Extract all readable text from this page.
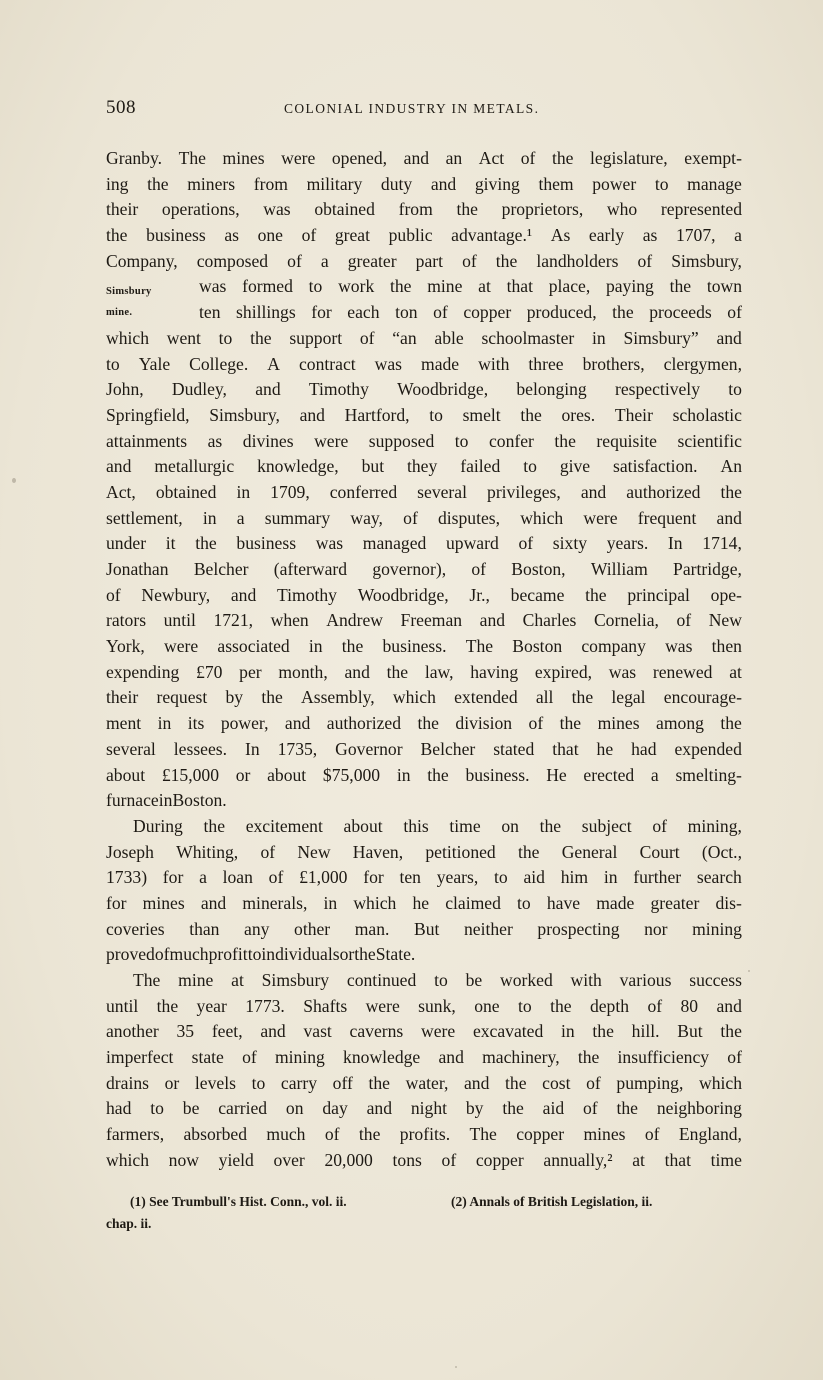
508	COLONIAL INDUSTRY IN METALS.
Simsbury
mine.
Granby. The mines were opened, and an Act of the legislature, exempt-
ing the miners from military duty and giving them power to manage
their operations, was obtained from the proprietors, who represented
the business as one of great public advantage.¹ As early as 1707, a
Company, composed of a greater part of the landholders of Simsbury,
was formed to work the mine at that place, paying the town
ten shillings for each ton of copper produced, the proceeds of
which went to the support of “an able schoolmaster in Simsbury” and
to Yale College. A contract was made with three brothers, clergymen,
John, Dudley, and Timothy Woodbridge, belonging respectively to
Springfield, Simsbury, and Hartford, to smelt the ores. Their scholastic
attainments as divines were supposed to confer the requisite scientific
and metallurgic knowledge, but they failed to give satisfaction. An
Act, obtained in 1709, conferred several privileges, and authorized the
settlement, in a summary way, of disputes, which were frequent and
under it the business was managed upward of sixty years. In 1714,
Jonathan Belcher (afterward governor), of Boston, William Partridge,
of Newbury, and Timothy Woodbridge, Jr., became the principal ope-
rators until 1721, when Andrew Freeman and Charles Cornelia, of New
York, were associated in the business. The Boston company was then
expending £70 per month, and the law, having expired, was renewed at
their request by the Assembly, which extended all the legal encourage-
ment in its power, and authorized the division of the mines among the
several lessees. In 1735, Governor Belcher stated that he had expended
about £15,000 or about $75,000 in the business. He erected a smelting-
furnace in Boston.
During the excitement about this time on the subject of mining,
Joseph Whiting, of New Haven, petitioned the General Court (Oct.,
1733) for a loan of £1,000 for ten years, to aid him in further search
for mines and minerals, in which he claimed to have made greater dis-
coveries than any other man. But neither prospecting nor mining
proved of much profit to individuals or the State.
The mine at Simsbury continued to be worked with various success
until the year 1773. Shafts were sunk, one to the depth of 80 and
another 35 feet, and vast caverns were excavated in the hill. But the
imperfect state of mining knowledge and machinery, the insufficiency of
drains or levels to carry off the water, and the cost of pumping, which
had to be carried on day and night by the aid of the neighboring
farmers, absorbed much of the profits. The copper mines of England,
which now yield over 20,000 tons of copper annually,² at that time
(1) See Trumbull's Hist. Conn., vol. ii.	(2) Annals of British Legislation, ii.
chap. ii.
